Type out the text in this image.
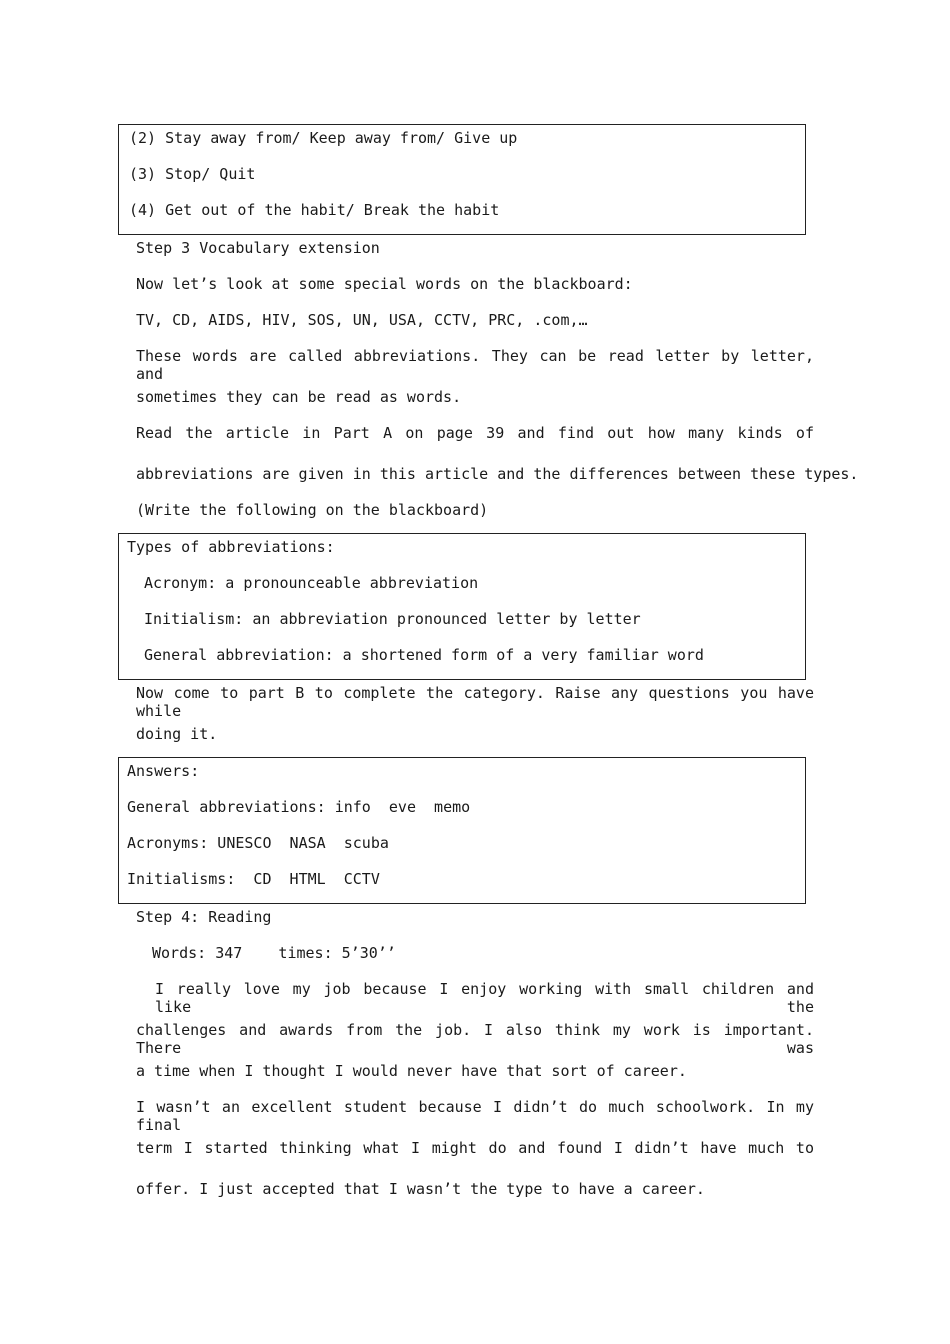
(2) Stay away from/ Keep away from/ Give up
(3) Stop/ Quit
(4) Get out of the habit/ Break the habit
Step 3 Vocabulary extension
Now let’s look at some special words on the blackboard:
TV, CD, AIDS, HIV, SOS, UN, USA, CCTV, PRC, .com,…
These words are called abbreviations. They can be read letter by letter, and
sometimes they can be read as words.
Read the article in Part A on page 39 and find out how many kinds of
abbreviations are given in this article and the differences between these types.
(Write the following on the blackboard)
Types of abbreviations:
Acronym: a pronounceable abbreviation
Initialism: an abbreviation pronounced letter by letter
General abbreviation: a shortened form of a very familiar word
Now come to part B to complete the category. Raise any questions you have while
doing it.
Answers:
General abbreviations: info  eve  memo
Acronyms: UNESCO  NASA  scuba
Initialisms:  CD  HTML  CCTV
Step 4: Reading
Words: 347    times: 5’30’’
I really love my job because I enjoy working with small children and like the
challenges and awards from the job. I also think my work is important. There was
a time when I thought I would never have that sort of career.
I wasn’t an excellent student because I didn’t do much schoolwork. In my final
term I started thinking what I might do and found I didn’t have much to
offer. I just accepted that I wasn’t the type to have a career.
